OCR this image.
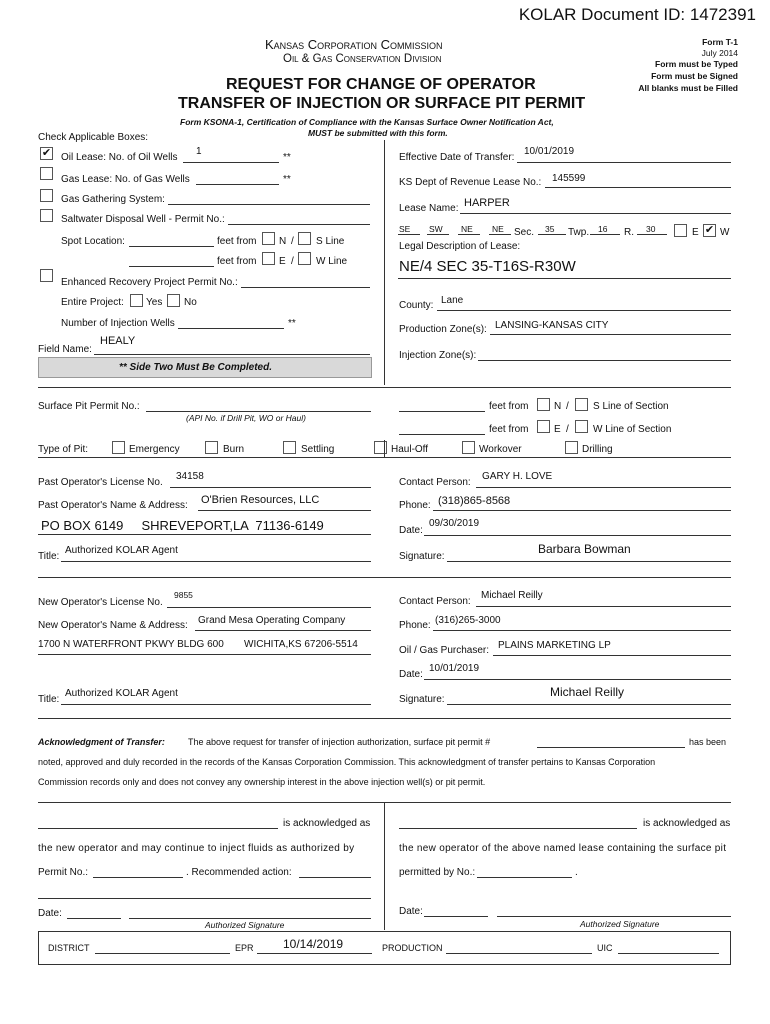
KOLAR Document ID: 1472391
Kansas Corporation Commission
Oil & Gas Conservation Division
REQUEST FOR CHANGE OF OPERATOR
TRANSFER OF INJECTION OR SURFACE PIT PERMIT
Form KSONA-1, Certification of Compliance with the Kansas Surface Owner Notification Act,
MUST be submitted with this form.
Form T-1
July 2014
Form must be Typed
Form must be Signed
All blanks must be Filled
Check Applicable Boxes:
✔ Oil Lease: No. of Oil Wells
1
**
Gas Lease: No. of Gas Wells	**
Gas Gathering System:
Saltwater Disposal Well - Permit No.:
Spot Location:	feet from N / S Line
feet from E / W Line
Enhanced Recovery Project Permit No.:
Entire Project: Yes No
Number of Injection Wells	**
Field Name:
HEALY
** Side Two Must Be Completed.
Effective Date of Transfer:
10/01/2019
KS Dept of Revenue Lease No.: 145599
Lease Name: HARPER
SE SW NE NE Sec. 35 Twp. 16 R. 30	E ✔ W
Legal Description of Lease:
NE/4 SEC 35-T16S-R30W
County: Lane
Production Zone(s): LANSING-KANSAS CITY
Injection Zone(s):
Surface Pit Permit No.:
(API No. if Drill Pit, WO or Haul)
feet from	N / S Line of Section
feet from	E / W Line of Section
Type of Pit:	Emergency	Burn	Settling	Haul-Off	Workover	Drilling
Past Operator's License No.
34158
Past Operator's Name & Address: O'Brien Resources, LLC
PO BOX 6149     SHREVEPORT,LA  71136-6149
Title:
Authorized KOLAR Agent
Contact Person:
GARY H. LOVE
Phone: (318)865-8568
Date:
09/30/2019
Signature:
Barbara Bowman
New Operator's License No.
9855
New Operator's Name & Address: Grand Mesa Operating Company
1700 N WATERFRONT PKWY BLDG 600 WICHITA,KS 67206-5514
Title:
Authorized KOLAR Agent
Contact Person:
Michael Reilly
Phone: (316)265-3000
Oil / Gas Purchaser: PLAINS MARKETING LP
Date:
10/01/2019
Signature:
Michael Reilly
Acknowledgment of Transfer:	The above request for transfer of injection authorization, surface pit permit #	has been
noted, approved and duly recorded in the records of the Kansas Corporation Commission. This acknowledgment of transfer pertains to Kansas Corporation
Commission records only and does not convey any ownership interest in the above injection well(s) or pit permit.
is acknowledged as
the new operator and may continue to inject fluids as authorized by
Permit No.:	. Recommended action:
is acknowledged as
the new operator of the above named lease containing the surface pit
permitted by No.:	.
Date:
Authorized Signature
Date:
Authorized Signature
DISTRICT	EPR 10/14/2019	PRODUCTION	UIC
